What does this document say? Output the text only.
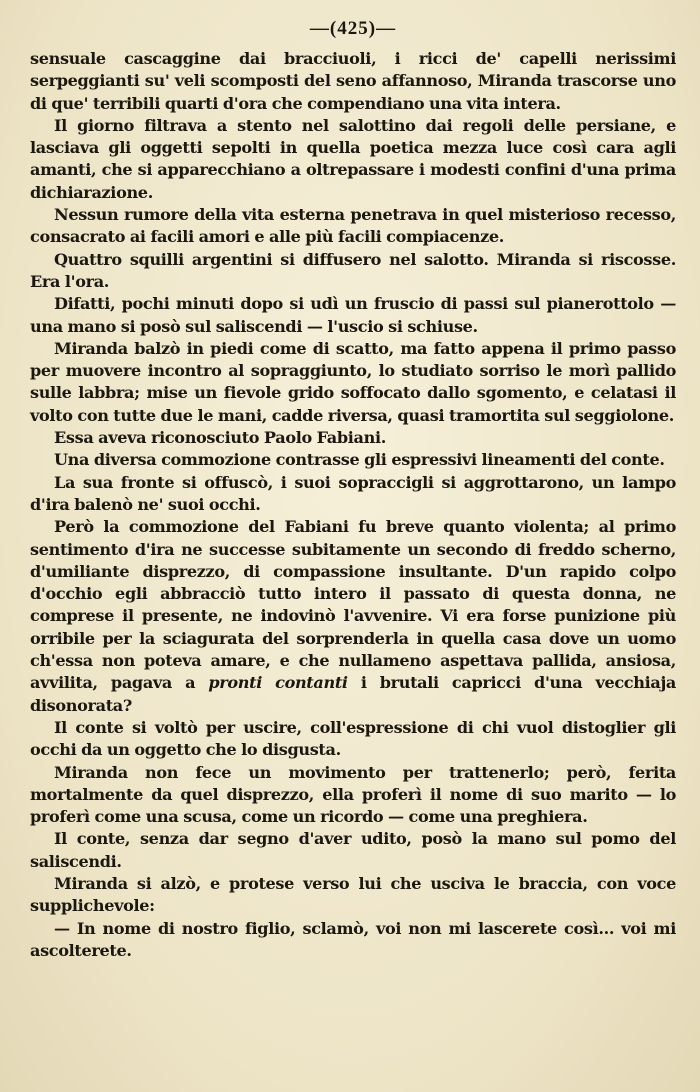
—(425)—

sensuale cascaggine dai bracciuoli, i ricci de' capelli nerissimi serpeggianti su' veli scomposti del seno affannoso, Miranda trascorse uno di que' terribili quarti d'ora che compendiano una vita intera.

Il giorno filtrava a stento nel salottino dai regoli delle persiane, e lasciava gli oggetti sepolti in quella poetica mezza luce così cara agli amanti, che si apparecchiano a oltrepassare i modesti confini d'una prima dichiarazione.

Nessun rumore della vita esterna penetrava in quel misterioso recesso, consacrato ai facili amori e alle più facili compiacenze.

Quattro squilli argentini si diffusero nel salotto. Miranda si riscosse. Era l'ora.

Difatti, pochi minuti dopo si udì un fruscio di passi sul pianerottolo — una mano si posò sul saliscendi — l'uscio si schiuse.

Miranda balzò in piedi come di scatto, ma fatto appena il primo passo per muovere incontro al sopraggiunto, lo studiato sorriso le morì pallido sulle labbra; mise un fievole grido soffocato dallo sgomento, e celatasi il volto con tutte due le mani, cadde riversa, quasi tramortita sul seggiolone.

Essa aveva riconosciuto Paolo Fabiani.

Una diversa commozione contrasse gli espressivi lineamenti del conte.

La sua fronte si offuscò, i suoi sopraccigli si aggrottarono, un lampo d'ira balenò ne' suoi occhi.

Però la commozione del Fabiani fu breve quanto violenta; al primo sentimento d'ira ne successe subitamente un secondo di freddo scherno, d'umiliante disprezzo, di compassione insultante. D'un rapido colpo d'occhio egli abbracciò tutto intero il passato di questa donna, ne comprese il presente, ne indovinò l'avvenire. Vi era forse punizione più orribile per la sciagurata del sorprenderla in quella casa dove un uomo ch'essa non poteva amare, e che nullameno aspettava pallida, ansiosa, avvilita, pagava a pronti contanti i brutali capricci d'una vecchiaja disonorata?

Il conte si voltò per uscire, coll'espressione di chi vuol distoglier gli occhi da un oggetto che lo disgusta.

Miranda non fece un movimento per trattenerlo; però, ferita mortalmente da quel disprezzo, ella proferì il nome di suo marito — lo proferì come una scusa, come un ricordo — come una preghiera.

Il conte, senza dar segno d'aver udito, posò la mano sul pomo del saliscendi.

Miranda si alzò, e protese verso lui che usciva le braccia, con voce supplichevole:

— In nome di nostro figlio, sclamò, voi non mi lascerete così... voi mi ascolterete.
